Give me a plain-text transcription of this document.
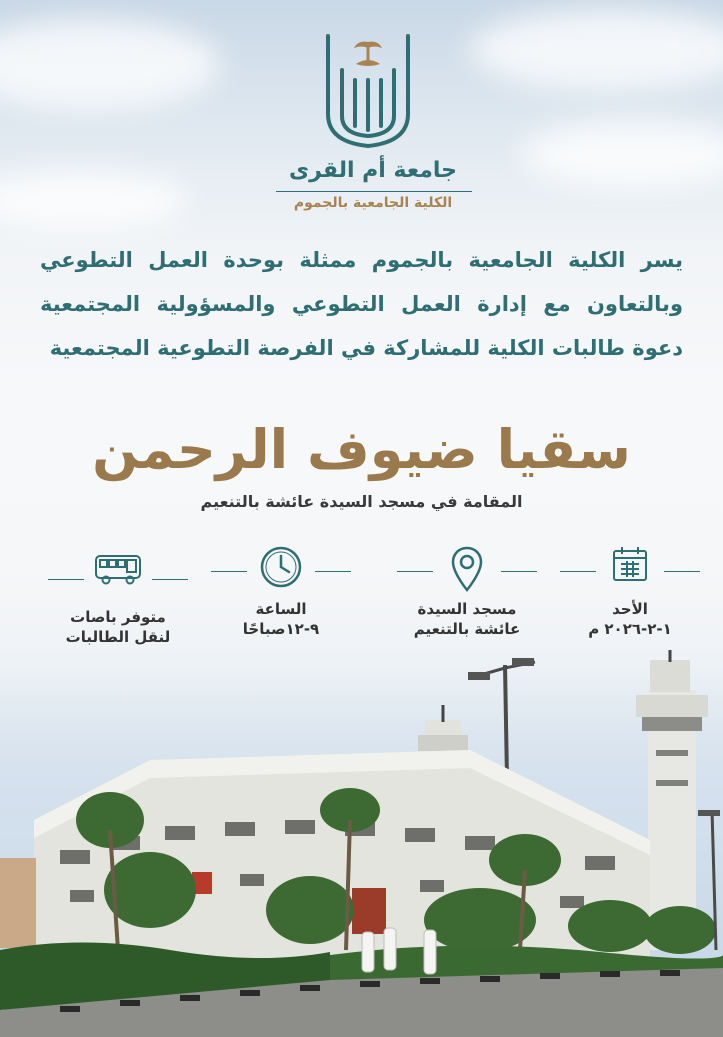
جامعة أم القرى
الكلية الجامعية بالجموم
يسر الكلية الجامعية بالجموم ممثلة بوحدة العمل التطوعي وبالتعاون مع إدارة العمل التطوعي والمسؤولية المجتمعية دعوة طالبات الكلية للمشاركة في الفرصة التطوعية المجتمعية
سقيا ضيوف الرحمن
المقامة في مسجد السيدة عائشة بالتنعيم
الأحد
١-٢-٢٠٢٦ م
مسجد السيدة
عائشة بالتنعيم
الساعة
٩-١٢صباحًا
متوفر باصات
لنقل الطالبات
